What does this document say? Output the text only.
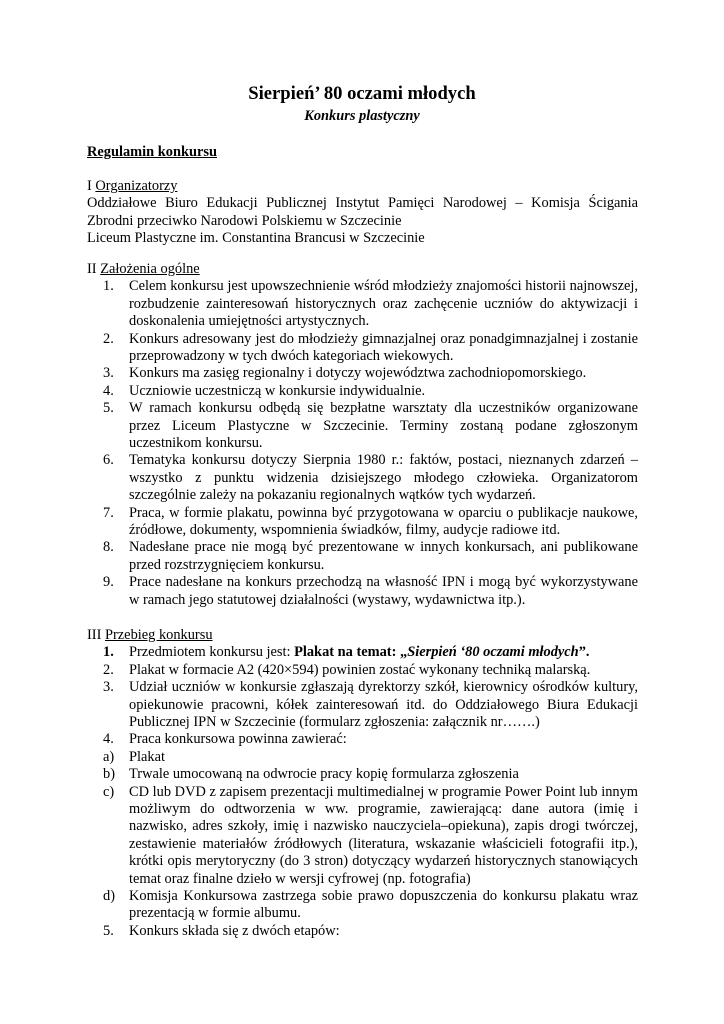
Sierpień’ 80 oczami młodych
Konkurs plastyczny
Regulamin konkursu
I Organizatorzy
Oddziałowe Biuro Edukacji Publicznej Instytut Pamięci Narodowej – Komisja Ścigania Zbrodni przeciwko Narodowi Polskiemu w Szczecinie
Liceum Plastyczne im. Constantina Brancusi w Szczecinie
II Założenia ogólne
1. Celem konkursu jest upowszechnienie wśród młodzieży znajomości historii najnowszej, rozbudzenie zainteresowań historycznych oraz zachęcenie uczniów do aktywizacji i doskonalenia umiejętności artystycznych.
2. Konkurs adresowany jest do młodzieży gimnazjalnej oraz ponadgimnazjalnej i zostanie przeprowadzony w tych dwóch kategoriach wiekowych.
3. Konkurs ma zasięg regionalny i dotyczy województwa zachodniopomorskiego.
4. Uczniowie uczestniczą w konkursie indywidualnie.
5. W ramach konkursu odbędą się bezpłatne warsztaty dla uczestników organizowane przez Liceum Plastyczne w Szczecinie. Terminy zostaną podane zgłoszonym uczestnikom konkursu.
6. Tematyka konkursu dotyczy Sierpnia 1980 r.: faktów, postaci, nieznanych zdarzeń – wszystko z punktu widzenia dzisiejszego młodego człowieka. Organizatorom szczególnie zależy na pokazaniu regionalnych wątków tych wydarzeń.
7. Praca, w formie plakatu, powinna być przygotowana w oparciu o publikacje naukowe, źródłowe, dokumenty, wspomnienia świadków, filmy, audycje radiowe itd.
8. Nadesłane prace nie mogą być prezentowane w innych konkursach, ani publikowane przed rozstrzygnięciem konkursu.
9. Prace nadesłane na konkurs przechodzą na własność IPN i mogą być wykorzystywane w ramach jego statutowej działalności (wystawy, wydawnictwa itp.).
III Przebieg konkursu
1. Przedmiotem konkursu jest: Plakat na temat: „Sierpień ‘80 oczami młodych”.
2. Plakat w formacie A2 (420×594) powinien zostać wykonany techniką malarską.
3. Udział uczniów w konkursie zgłaszają dyrektorzy szkół, kierownicy ośrodków kultury, opiekunowie pracowni, kółek zainteresowań itd. do Oddziałowego Biura Edukacji Publicznej IPN w Szczecinie (formularz zgłoszenia: załącznik nr…….)
4. Praca konkursowa powinna zawierać:
a) Plakat
b) Trwale umocowaną na odwrocie pracy kopię formularza zgłoszenia
c) CD lub DVD z zapisem prezentacji multimedialnej w programie Power Point lub innym możliwym do odtworzenia w ww. programie, zawierającą: dane autora (imię i nazwisko, adres szkoły, imię i nazwisko nauczyciela–opiekuna), zapis drogi twórczej, zestawienie materiałów źródłowych (literatura, wskazanie właścicieli fotografii itp.), krótki opis merytoryczny (do 3 stron) dotyczący wydarzeń historycznych stanowiących temat oraz finalne dzieło w wersji cyfrowej (np. fotografia)
d) Komisja Konkursowa zastrzega sobie prawo dopuszczenia do konkursu plakatu wraz prezentacją w formie albumu.
5. Konkurs składa się z dwóch etapów:
